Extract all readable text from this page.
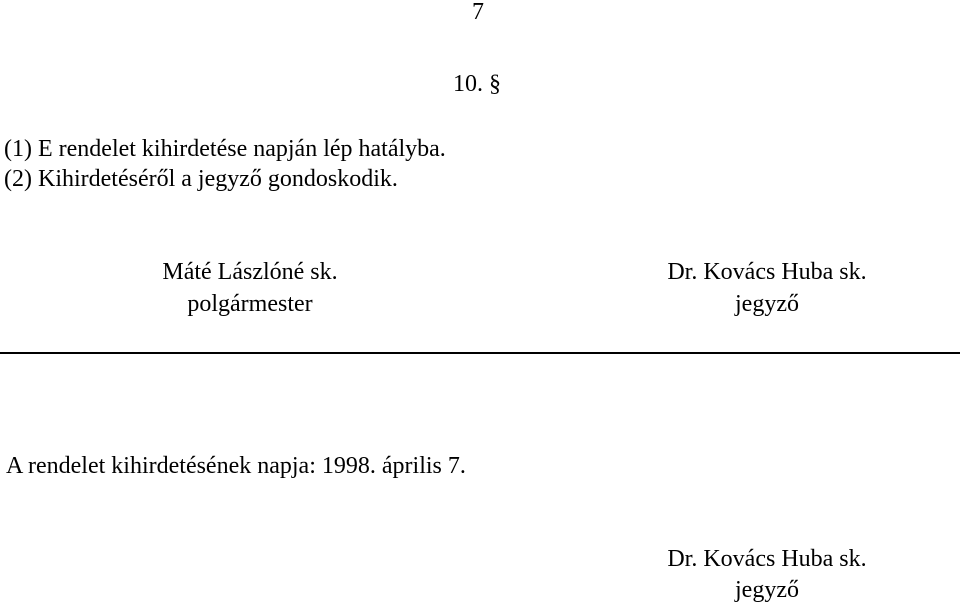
7
10. §
(1) E rendelet kihirdetése napján lép hatályba.
(2) Kihirdetéséről a jegyző gondoskodik.
Máté Lászlóné sk.
polgármester
Dr. Kovács Huba sk.
jegyző
A rendelet kihirdetésének napja: 1998. április 7.
Dr. Kovács Huba sk.
jegyző
